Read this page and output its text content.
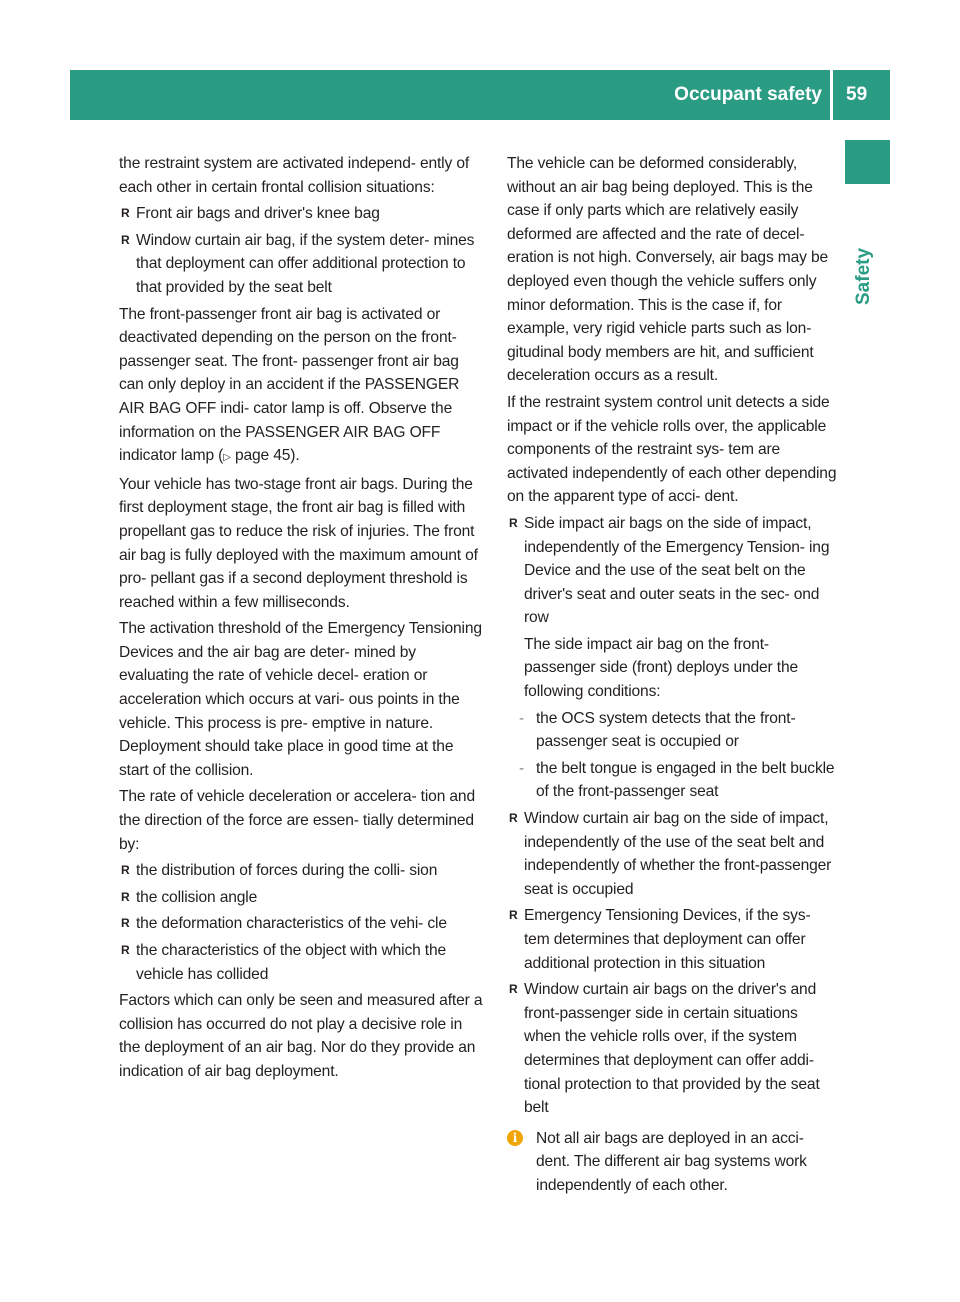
Occupant safety 59
Safety

the restraint system are activated independ- ently of each other in certain frontal collision situations:

R Front air bags and driver's knee bag
R Window curtain air bag, if the system deter- mines that deployment can offer additional protection to that provided by the seat belt

The front-passenger front air bag is activated or deactivated depending on the person on the front-passenger seat. The front- passenger front air bag can only deploy in an accident if the PASSENGER AIR BAG OFF indi- cator lamp is off. Observe the information on the PASSENGER AIR BAG OFF indicator lamp (▷ page 45).

Your vehicle has two-stage front air bags. During the first deployment stage, the front air bag is filled with propellant gas to reduce the risk of injuries. The front air bag is fully deployed with the maximum amount of pro- pellant gas if a second deployment threshold is reached within a few milliseconds.

The activation threshold of the Emergency Tensioning Devices and the air bag are deter- mined by evaluating the rate of vehicle decel- eration or acceleration which occurs at vari- ous points in the vehicle. This process is pre- emptive in nature. Deployment should take place in good time at the start of the collision.

The rate of vehicle deceleration or accelera- tion and the direction of the force are essen- tially determined by:

R the distribution of forces during the colli- sion
R the collision angle
R the deformation characteristics of the vehi- cle
R the characteristics of the object with which the vehicle has collided

Factors which can only be seen and measured after a collision has occurred do not play a decisive role in the deployment of an air bag. Nor do they provide an indication of air bag deployment.

The vehicle can be deformed considerably, without an air bag being deployed. This is the case if only parts which are relatively easily deformed are affected and the rate of decel- eration is not high. Conversely, air bags may be deployed even though the vehicle suffers only minor deformation. This is the case if, for example, very rigid vehicle parts such as lon- gitudinal body members are hit, and sufficient deceleration occurs as a result.

If the restraint system control unit detects a side impact or if the vehicle rolls over, the applicable components of the restraint sys- tem are activated independently of each other depending on the apparent type of acci- dent.

R Side impact air bags on the side of impact, independently of the Emergency Tension- ing Device and the use of the seat belt on the driver's seat and outer seats in the sec- ond row
The side impact air bag on the front- passenger side (front) deploys under the following conditions:
- the OCS system detects that the front- passenger seat is occupied or
- the belt tongue is engaged in the belt buckle of the front-passenger seat
R Window curtain air bag on the side of impact, independently of the use of the seat belt and independently of whether the front-passenger seat is occupied
R Emergency Tensioning Devices, if the sys- tem determines that deployment can offer additional protection in this situation
R Window curtain air bags on the driver's and front-passenger side in certain situations when the vehicle rolls over, if the system determines that deployment can offer addi- tional protection to that provided by the seat belt
i	Not all air bags are deployed in an acci- dent. The different air bag systems work independently of each other.
